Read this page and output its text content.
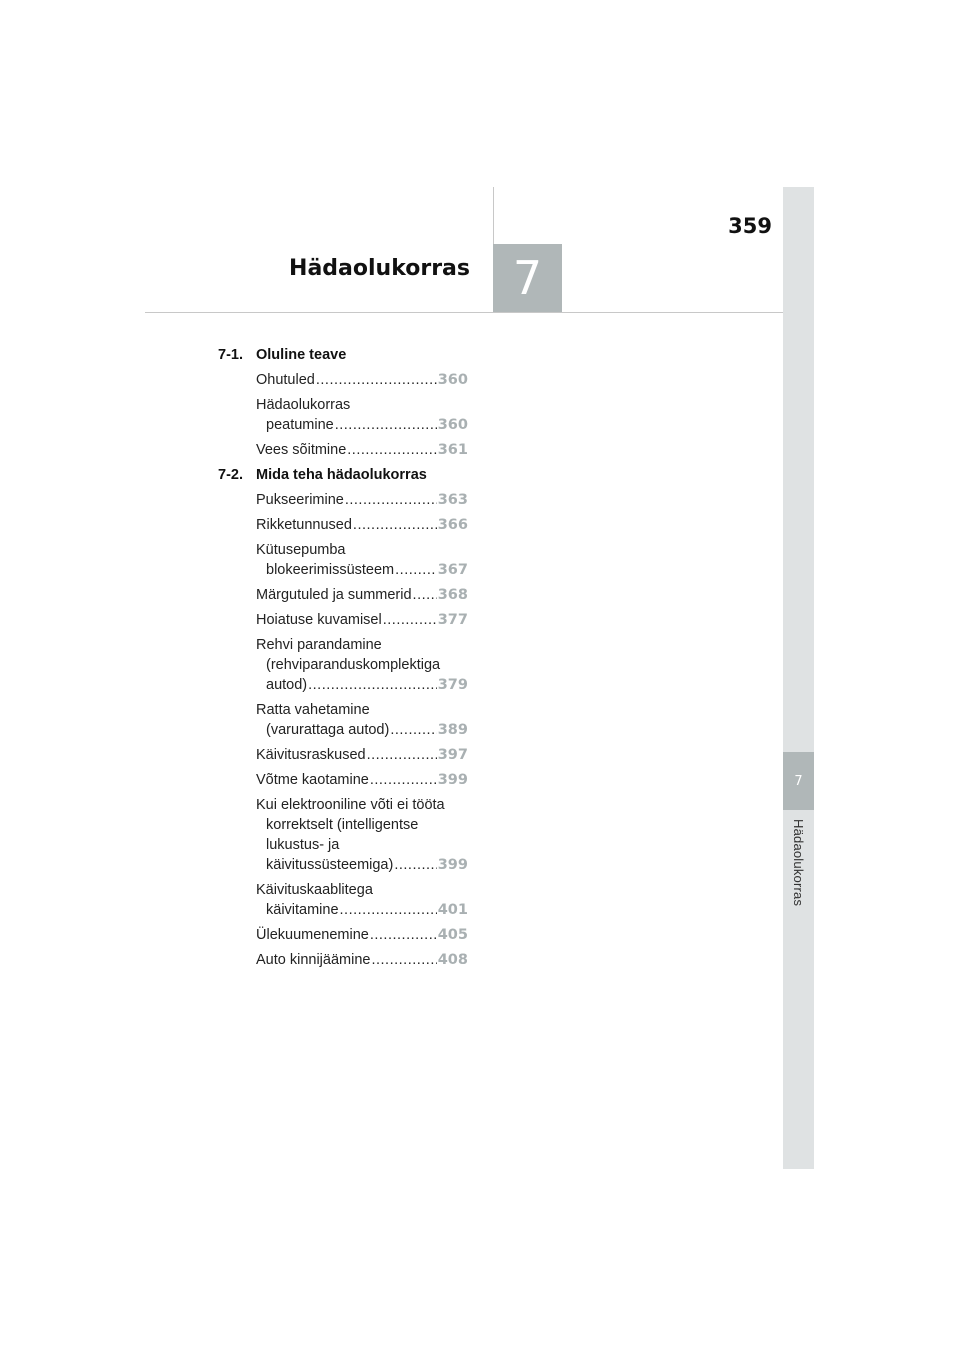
359
Hädaolukorras 7
7
Hädaolukorras
7-1. Oluline teave
Ohutuled .....	360
Hädaolukorras
peatumine .....	360
Vees sõitmine .....	361
7-2. Mida teha hädaolukorras
Pukseerimine .....	363
Rikketunnused .....	366
Kütusepumba
blokeerimissüsteem .....	367
Märgutuled ja summerid ..... 368
Hoiatuse kuvamisel .....	377
Rehvi parandamine
(rehviparanduskomplektiga
autod) .....	379
Ratta vahetamine
(varurattaga autod) .....	389
Käivitusraskused .....	397
Võtme kaotamine .....	399
Kui elektrooniline võti ei tööta
korrektselt (intelligentse
lukustus- ja
käivitussüsteemiga) .....	399
Käivituskaablitega
käivitamine .....	401
Ülekuumenemine .....	405
Auto kinnijäämine .....	408
